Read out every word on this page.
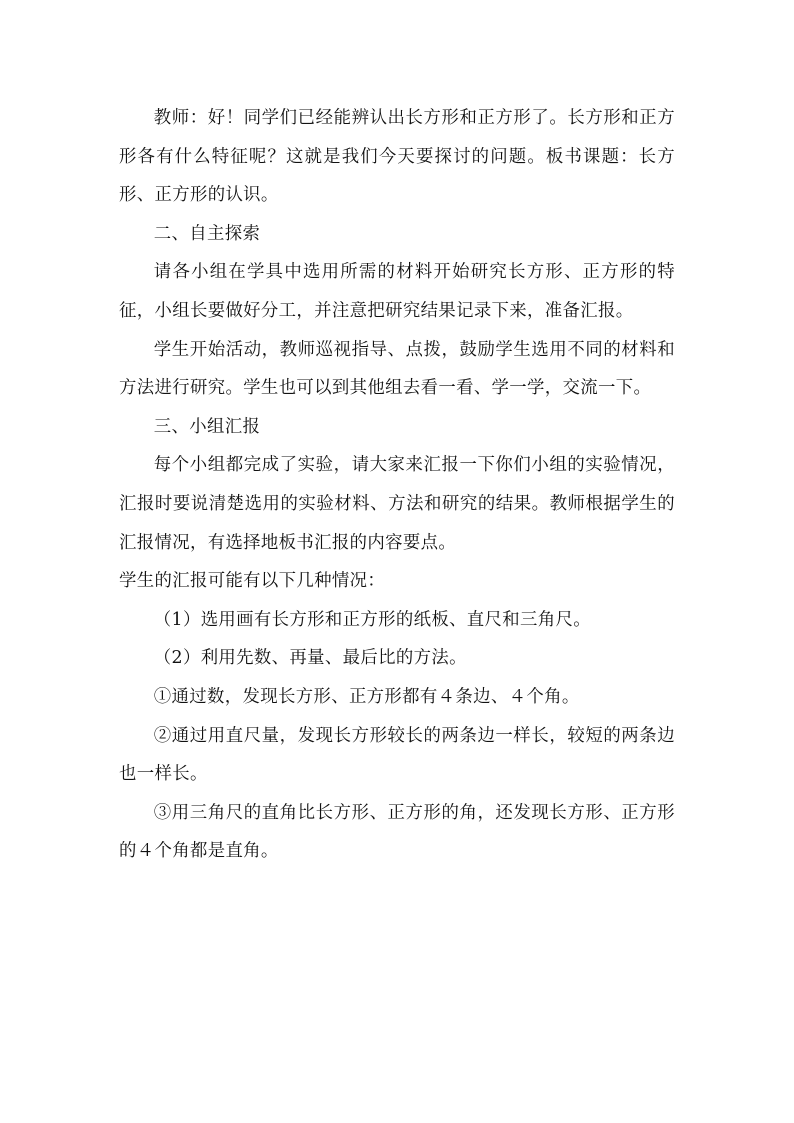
教师：好！同学们已经能辨认出长方形和正方形了。长方形和正方形各有什么特征呢？这就是我们今天要探讨的问题。板书课题：长方形、正方形的认识。

二、自主探索

请各小组在学具中选用所需的材料开始研究长方形、正方形的特征，小组长要做好分工，并注意把研究结果记录下来，准备汇报。

学生开始活动，教师巡视指导、点拨，鼓励学生选用不同的材料和方法进行研究。学生也可以到其他组去看一看、学一学，交流一下。

三、小组汇报

每个小组都完成了实验，请大家来汇报一下你们小组的实验情况，汇报时要说清楚选用的实验材料、方法和研究的结果。教师根据学生的汇报情况，有选择地板书汇报的内容要点。

学生的汇报可能有以下几种情况：

（1）选用画有长方形和正方形的纸板、直尺和三角尺。

（2）利用先数、再量、最后比的方法。

①通过数，发现长方形、正方形都有４条边、４个角。

②通过用直尺量，发现长方形较长的两条边一样长，较短的两条边也一样长。

③用三角尺的直角比长方形、正方形的角，还发现长方形、正方形的４个角都是直角。
